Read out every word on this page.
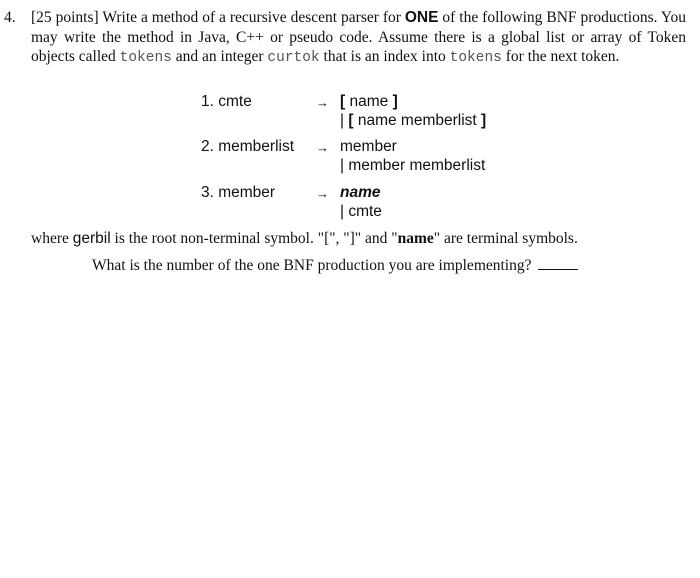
4. [25 points] Write a method of a recursive descent parser for ONE of the following BNF productions. You may write the method in Java, C++ or pseudo code. Assume there is a global list or array of Token objects called tokens and an integer curtok that is an index into tokens for the next token.
1. cmte	→ [ name ]
| [ name memberlist ]
2. memberlist → member
| member memberlist
3. member	→ name
| cmte
where gerbil is the root non-terminal symbol. "[", "]" and "name" are terminal symbols.
What is the number of the one BNF production you are implementing?
